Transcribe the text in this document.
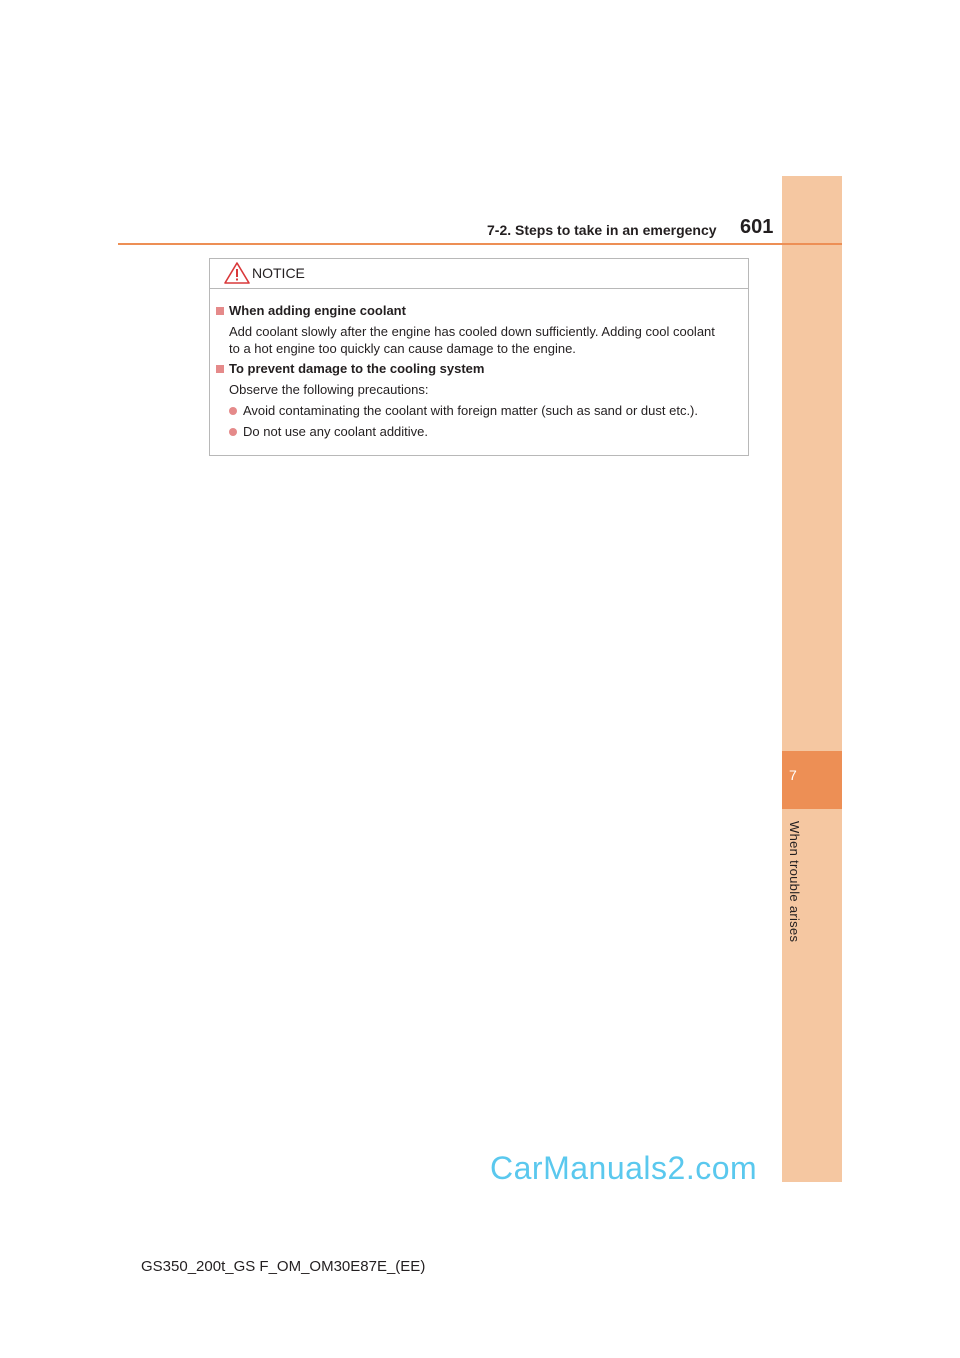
7
When trouble arises
7-2. Steps to take in an emergency 601
NOTICE
When adding engine coolant
Add coolant slowly after the engine has cooled down sufficiently. Adding cool coolant
to a hot engine too quickly can cause damage to the engine.
To prevent damage to the cooling system
Observe the following precautions:
Avoid contaminating the coolant with foreign matter (such as sand or dust etc.).
Do not use any coolant additive.
CarManuals2.com
GS350_200t_GS F_OM_OM30E87E_(EE)
